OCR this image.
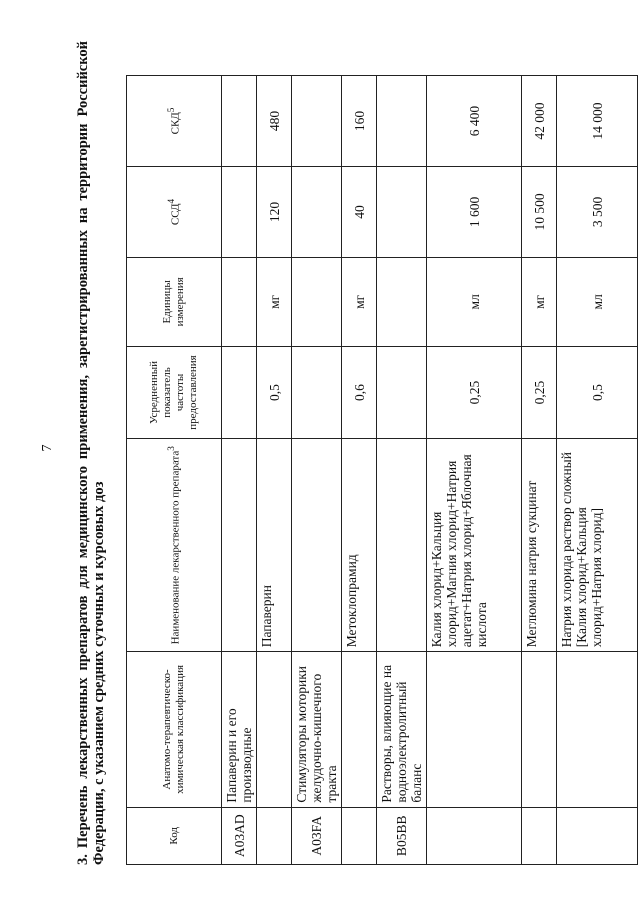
7

3.Перечень лекарственных препаратов для медицинского применения, зарегистрированных на территории Российской Федерации, с указанием средних суточных и курсовых доз	Код	Анатомо-терапевтическо-химическая классификация	Наименование лекарственного препарата$^3$	Усредненный показатель частоты предоставления	Единицы измерения	ССД$^4$	СКД$^5$
A03AD	Папаверин и его производные					
		Папаверин	0,5	мг	120	480
A03FA	Стимуляторы моторики желудочно-кишечного тракта					
		Метоклопрамид	0,6	мг	40	160
B05BB	Растворы, влияющие на водноэлектролитный баланс					
		Калия хлорид+Кальция хлорид+Магния хлорид+Натрия ацетат+Натрия хлорид+Яблочная кислота	0,25	мл	1 600	6 400
		Меглюмина натрия сукцинат	0,25	мг	10 500	42 000
		Натрия хлорида раствор сложный [Калия хлорид+Кальция хлорид+Натрия хлорид]	0,5	мл	3 500	14 000
